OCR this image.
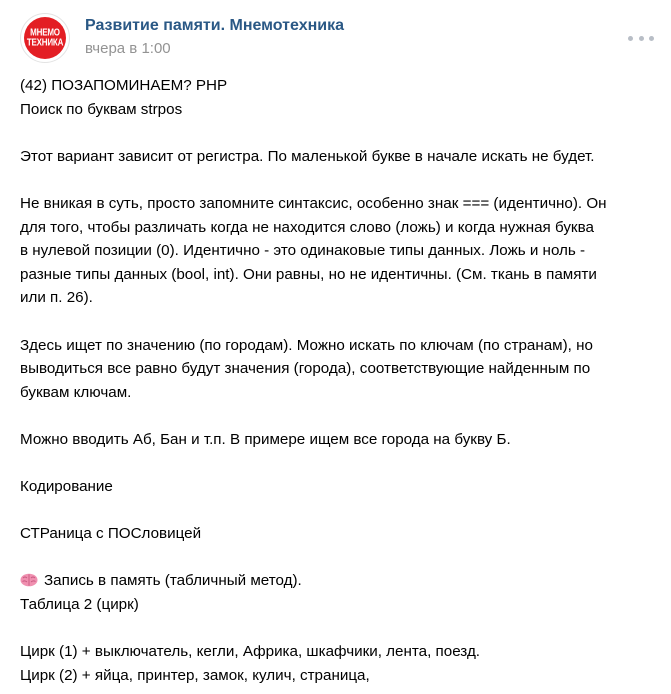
МНЕМО
ТЕХНИКА
Развитие памяти. Мнемотехника
вчера в 1:00
(42) ПОЗАПОМИНАЕМ? PHP
Поиск по буквам strpos
Этот вариант зависит от регистра. По маленькой букве в начале искать не будет.
Не вникая в суть, просто запомните синтаксис, особенно знак === (идентично). Он
для того, чтобы различать когда не находится слово (ложь) и когда нужная буква
в нулевой позиции (0). Идентично - это одинаковые типы данных. Ложь и ноль -
разные типы данных (bool, int). Они равны, но не идентичны. (См. ткань в памяти
или п. 26).
Здесь ищет по значению (по городам). Можно искать по ключам (по странам), но
выводиться все равно будут значения (города), соответствующие найденным по
буквам ключам.
Можно вводить Аб, Бан и т.п. В примере ищем все города на букву Б.
Кодирование
СТРаница с ПОСловицей
Запись в память (табличный метод).
Таблица 2 (цирк)
Цирк (1) + выключатель, кегли, Африка, шкафчики, лента, поезд.
Цирк (2) + яйца, принтер, замок, кулич, страница,
